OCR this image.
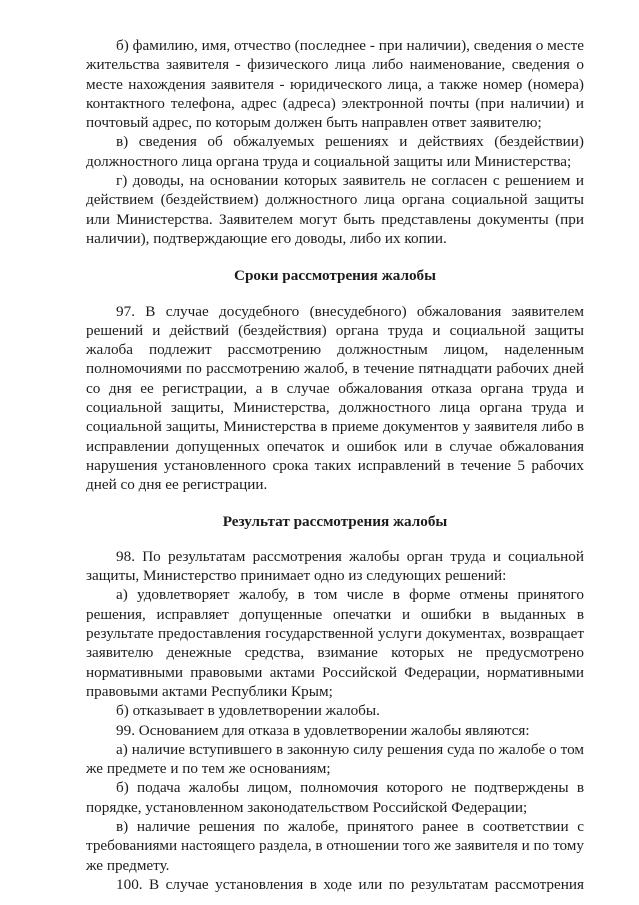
б) фамилию, имя, отчество (последнее - при наличии), сведения о месте жительства заявителя - физического лица либо наименование, сведения о месте нахождения заявителя - юридического лица, а также номер (номера) контактного телефона, адрес (адреса) электронной почты (при наличии) и почтовый адрес, по которым должен быть направлен ответ заявителю;

в) сведения об обжалуемых решениях и действиях (бездействии) должностного лица органа труда и социальной защиты или Министерства;

г) доводы, на основании которых заявитель не согласен с решением и действием (бездействием) должностного лица органа социальной защиты или Министерства. Заявителем могут быть представлены документы (при наличии), подтверждающие его доводы, либо их копии.

Сроки рассмотрения жалобы

97. В случае досудебного (внесудебного) обжалования заявителем решений и действий (бездействия) органа труда и социальной защиты жалоба подлежит рассмотрению должностным лицом, наделенным полномочиями по рассмотрению жалоб, в течение пятнадцати рабочих дней со дня ее регистрации, а в случае обжалования отказа органа труда и социальной защиты, Министерства, должностного лица органа труда и социальной защиты, Министерства в приеме документов у заявителя либо в исправлении допущенных опечаток и ошибок или в случае обжалования нарушения установленного срока таких исправлений в течение 5 рабочих дней со дня ее регистрации.

Результат рассмотрения жалобы

98. По результатам рассмотрения жалобы орган труда и социальной защиты, Министерство принимает одно из следующих решений:

а) удовлетворяет жалобу, в том числе в форме отмены принятого решения, исправляет допущенные опечатки и ошибки в выданных в результате предоставления государственной услуги документах, возвращает заявителю денежные средства, взимание которых не предусмотрено нормативными правовыми актами Российской Федерации, нормативными правовыми актами Республики Крым;

б) отказывает в удовлетворении жалобы.

99. Основанием для отказа в удовлетворении жалобы являются:

а) наличие вступившего в законную силу решения суда по жалобе о том же предмете и по тем же основаниям;

б) подача жалобы лицом, полномочия которого не подтверждены в порядке, установленном законодательством Российской Федерации;

в) наличие решения по жалобе, принятого ранее в соответствии с требованиями настоящего раздела, в отношении того же заявителя и по тому же предмету.

100. В случае установления в ходе или по результатам рассмотрения
